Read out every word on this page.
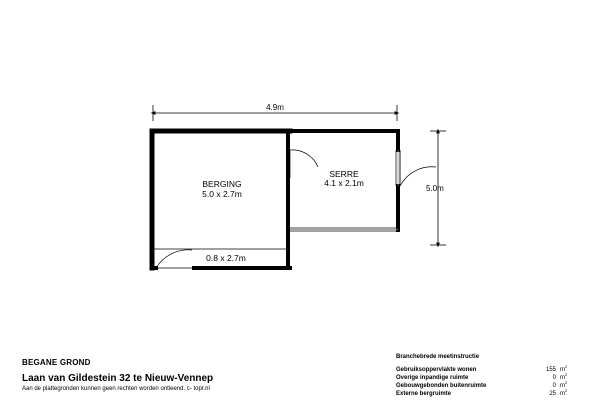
4.9m
5.0m
BERGING
5.0 x 2.7m
SERRE
4.1 x 2.1m
0.8 x 2.7m
BEGANE GROND
Laan van Gildestein 32 te Nieuw-Vennep
Aan de plattegronden kunnen geen rechten worden ontleend. c- topr.nl
Branchebrede meetinstructie
Gebruiksoppervlakte wonen	155 $m^2$
Overige inpandige ruimte	0 $m^2$
Gebouwgebonden buitenruimte	0 $m^2$
Externe bergruimte	25 $m^2$
